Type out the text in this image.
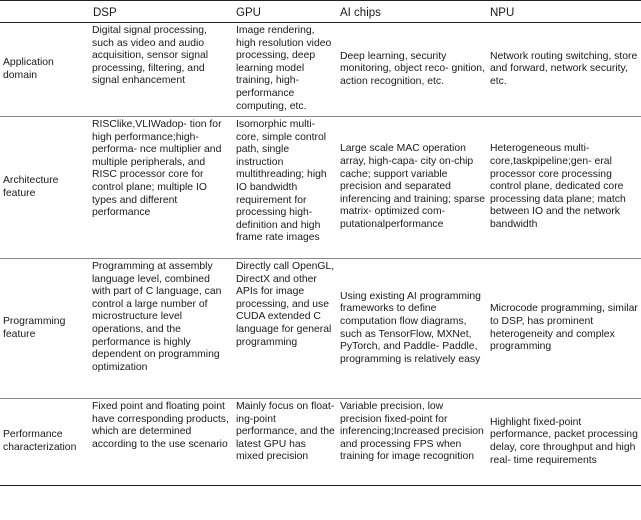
	DSP	GPU	AI chips	NPU
Application domain	Digital signal processing, such as video and audio acquisition, sensor signal processing, filtering, and signal enhancement	Image rendering, high resolution video processing, deep learning model training, high- performance computing, etc.	Deep learning, security monitoring, object reco- gnition, action recognition, etc.	Network routing switching, store and forward, network security, etc.
Architecture feature	RISClike,VLIWadop- tion for high performance;high- performa- nce multiplier and multiple peripherals, and RISC processor core for control plane; multiple IO types and different performance	Isomorphic multi- core, simple control path, single instruction multithreading; high IO bandwidth requirement for processing high- definition and high frame rate images	Large scale MAC operation array, high-capa- city on-chip cache; support variable precision and separated inferencing and training; sparse matrix- optimized com- putationalperformance	Heterogeneous multi- core,taskpipeline;gen- eral processor core processing control plane, dedicated core processing data plane; match between IO and the network bandwidth
Programming feature	Programming at assembly language level, combined with part of C language, can control a large number of microstructure level operations, and the performance is highly dependent on programming optimization	Directly call OpenGL, DirectX and other APIs for image processing, and use CUDA extended C language for general programming	Using existing AI programming frameworks to define computation flow diagrams, such as TensorFlow, MXNet, PyTorch, and Paddle- Paddle, programming is relatively easy	Microcode programming, similar to DSP, has prominent heterogeneity and complex programming
Performance characterization	Fixed point and floating point have corresponding products, which are determined according to the use scenario	Mainly focus on float- ing-point performance, and the latest GPU has mixed precision	Variable precision, low precision fixed-point for inferencing;Increased precision and processing FPS when training for image recognition	Highlight fixed-point performance, packet processing delay, core throughput and high real- time requirements
